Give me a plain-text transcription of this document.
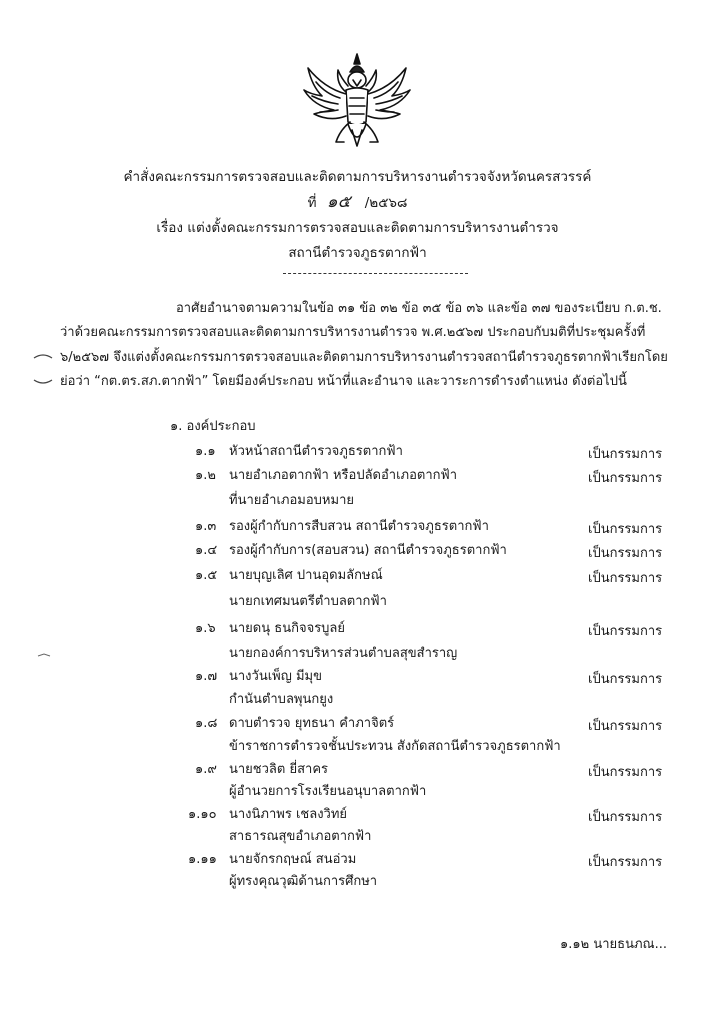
คำสั่งคณะกรรมการตรวจสอบและติดตามการบริหารงานตำรวจจังหวัดนครสวรรค์
ที่ ๑๕ /๒๕๖๘
เรื่อง แต่งตั้งคณะกรรมการตรวจสอบและติดตามการบริหารงานตำรวจ
สถานีตำรวจภูธรตากฟ้า
อาศัยอำนาจตามความในข้อ ๓๑ ข้อ ๓๒ ข้อ ๓๕ ข้อ ๓๖ และข้อ ๓๗ ของระเบียบ ก.ต.ช.
ว่าด้วยคณะกรรมการตรวจสอบและติดตามการบริหารงานตำรวจ พ.ศ.๒๕๖๗ ประกอบกับมติที่ประชุมครั้งที่
๖/๒๕๖๗ จึงแต่งตั้งคณะกรรมการตรวจสอบและติดตามการบริหารงานตำรวจสถานีตำรวจภูธรตากฟ้าเรียกโดย
ย่อว่า “กต.ตร.สภ.ตากฟ้า” โดยมีองค์ประกอบ หน้าที่และอำนาจ และวาระการดำรงตำแหน่ง ดังต่อไปนี้
๑. องค์ประกอบ
๑.๑ หัวหน้าสถานีตำรวจภูธรตากฟ้า	เป็นกรรมการ
๑.๒ นายอำเภอตากฟ้า หรือปลัดอำเภอตากฟ้า	เป็นกรรมการ
ที่นายอำเภอมอบหมาย
๑.๓ รองผู้กำกับการสืบสวน สถานีตำรวจภูธรตากฟ้า	เป็นกรรมการ
๑.๔ รองผู้กำกับการ(สอบสวน) สถานีตำรวจภูธรตากฟ้า	เป็นกรรมการ
๑.๕ นายบุญเลิศ ปานอุดมลักษณ์	เป็นกรรมการ
นายกเทศมนตรีตำบลตากฟ้า
๑.๖ นายดนุ ธนกิจจรบูลย์	เป็นกรรมการ
นายกองค์การบริหารส่วนตำบลสุขสำราญ
๑.๗ นางวันเพ็ญ มีมุข	เป็นกรรมการ
กำนันตำบลพุนกยูง
๑.๘ ดาบตำรวจ ยุทธนา คำภาจิตร์	เป็นกรรมการ
ข้าราชการตำรวจชั้นประทวน สังกัดสถานีตำรวจภูธรตากฟ้า
๑.๙ นายชวลิต ยี่สาคร	เป็นกรรมการ
ผู้อำนวยการโรงเรียนอนุบาลตากฟ้า
๑.๑๐ นางนิภาพร เชลงวิทย์	เป็นกรรมการ
สาธารณสุขอำเภอตากฟ้า
๑.๑๑ นายจักรกฤษณ์ สนอ่วม	เป็นกรรมการ
ผู้ทรงคุณวุฒิด้านการศึกษา
๑.๑๒ นายธนภณ...
